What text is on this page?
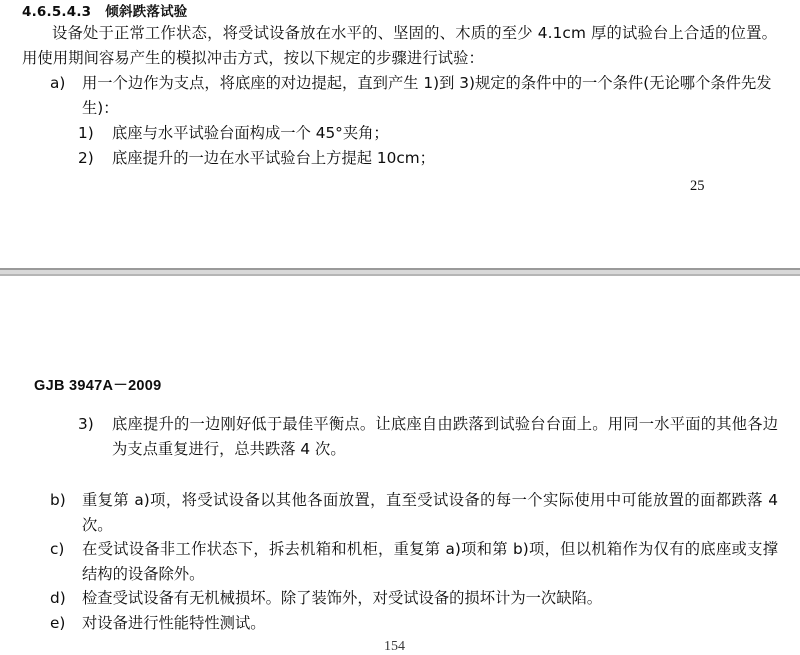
4.6.5.4.3 倾斜跌落试验
设备处于正常工作状态，将受试设备放在水平的、坚固的、木质的至少 4.1cm 厚的试验台上合适的位置。用使用期间容易产生的模拟冲击方式，按以下规定的步骤进行试验：
a)	用一个边作为支点，将底座的对边提起，直到产生 1)到 3)规定的条件中的一个条件(无论哪个条件先发生)：
1)	底座与水平试验台面构成一个 45°夹角；
2)	底座提升的一边在水平试验台上方提起 10cm；
25
GJB 3947A－2009
3)	底座提升的一边刚好低于最佳平衡点。让底座自由跌落到试验台台面上。用同一水平面的其他各边为支点重复进行，总共跌落 4 次。
b)	重复第 a)项，将受试设备以其他各面放置，直至受试设备的每一个实际使用中可能放置的面都跌落 4 次。
c)	在受试设备非工作状态下，拆去机箱和机柜，重复第 a)项和第 b)项，但以机箱作为仅有的底座或支撑结构的设备除外。
d)	检查受试设备有无机械损坏。除了装饰外，对受试设备的损坏计为一次缺陷。
e)	对设备进行性能特性测试。
154
